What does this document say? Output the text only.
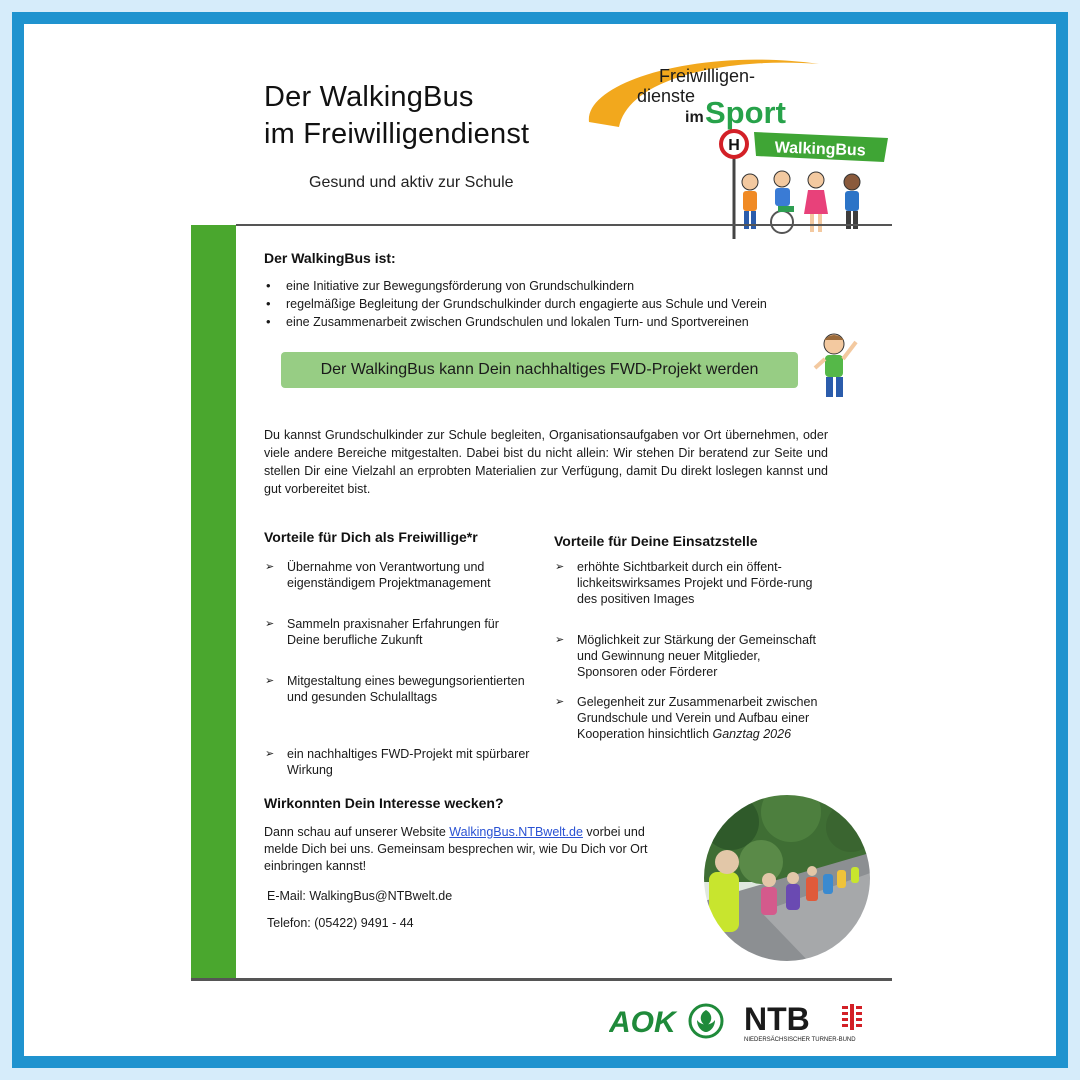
Der WalkingBus
im Freiwilligendienst
Gesund und aktiv zur Schule
Freiwilligen-
dienste
im Sport
H WalkingBus
Der WalkingBus ist:
• eine Initiative zur Bewegungsförderung von Grundschulkindern
• regelmäßige Begleitung der Grundschulkinder durch engagierte aus Schule und Verein
• eine Zusammenarbeit zwischen Grundschulen und lokalen Turn- und Sportvereinen
Der WalkingBus kann Dein nachhaltiges FWD-Projekt werden

Du kannst Grundschulkinder zur Schule begleiten, Organisationsaufgaben vor Ort übernehmen, oder viele andere Bereiche mitgestalten. Dabei bist du nicht allein: Wir stehen Dir beratend zur Seite und stellen Dir eine Vielzahl an erprobten Materialien zur Verfügung, damit Du direkt loslegen kannst und gut vorbereitet bist.

Vorteile für Dich als Freiwillige*r
➢ Übernahme von Verantwortung und eigenständigem Projektmanagement
➢ Sammeln praxisnaher Erfahrungen für Deine berufliche Zukunft
➢ Mitgestaltung eines bewegungsorientierten und gesunden Schulalltags
➢ ein nachhaltiges FWD-Projekt mit spürbarer Wirkung
Vorteile für Deine Einsatzstelle
➢ erhöhte Sichtbarkeit durch ein öffent-lichkeitswirksames Projekt und Förde-rung des positiven Images
➢ Möglichkeit zur Stärkung der Gemeinschaft und Gewinnung neuer Mitglieder, Sponsoren oder Förderer
➢ Gelegenheit zur Zusammenarbeit zwischen Grundschule und Verein und Aufbau einer Kooperation hinsichtlich Ganztag 2026
Wirkonnten Dein Interesse wecken?

Dann schau auf unserer Website WalkingBus.NTBwelt.de vorbei und melde Dich bei uns. Gemeinsam besprechen wir, wie Du Dich vor Ort einbringen kannst!

E-Mail: WalkingBus@NTBwelt.de
Telefon: (05422) 9491 - 44
AOK NTB
NIEDERSÄCHSISCHER TURNER-BUND
